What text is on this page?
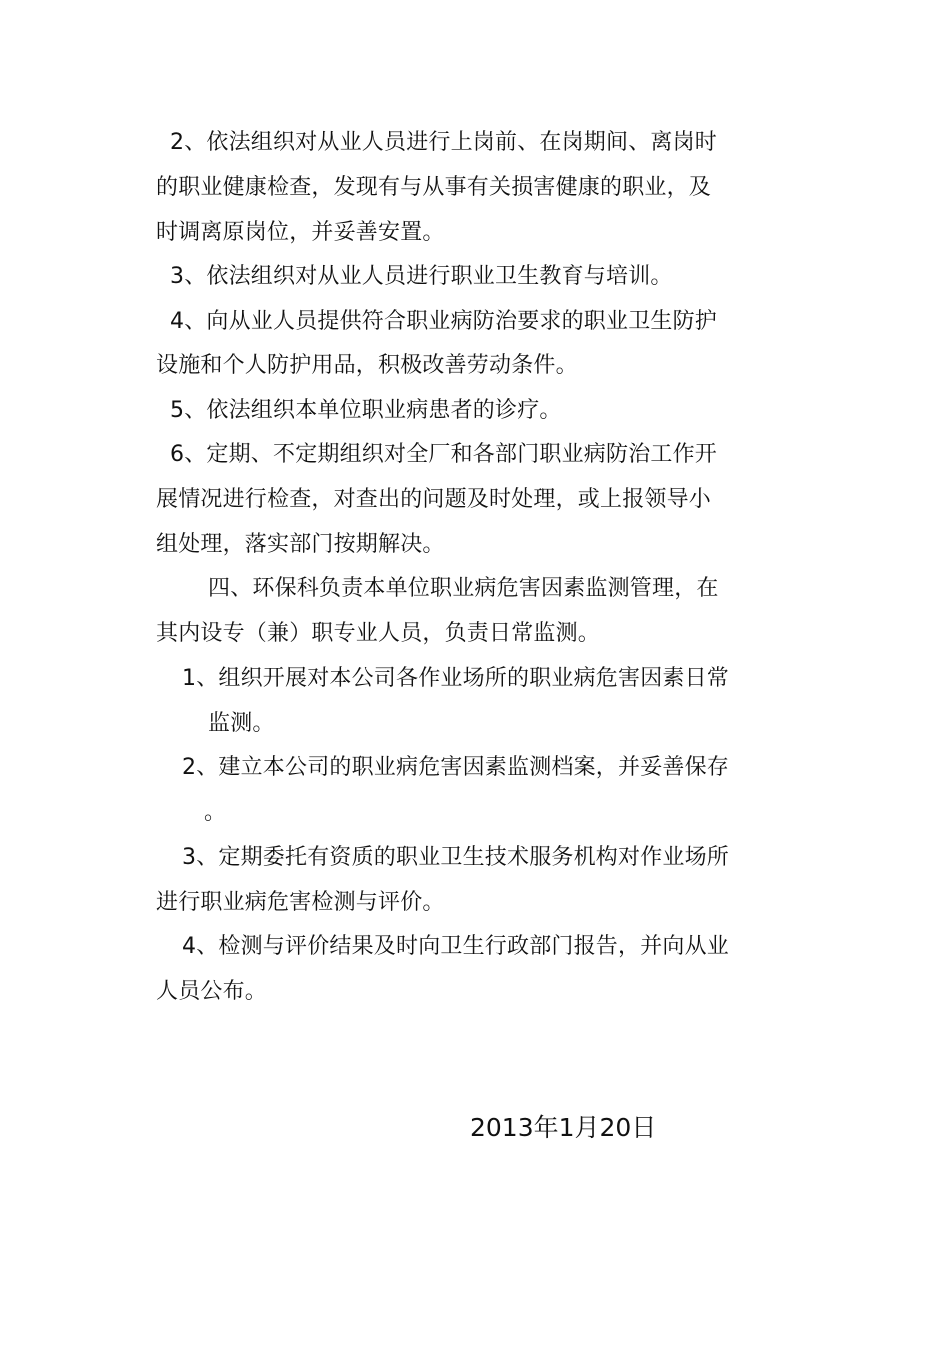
2、依法组织对从业人员进行上岗前、在岗期间、离岗时
的职业健康检查，发现有与从事有关损害健康的职业，及
时调离原岗位，并妥善安置。
3、依法组织对从业人员进行职业卫生教育与培训。
4、向从业人员提供符合职业病防治要求的职业卫生防护
设施和个人防护用品，积极改善劳动条件。
5、依法组织本单位职业病患者的诊疗。
6、定期、不定期组织对全厂和各部门职业病防治工作开
展情况进行检查，对查出的问题及时处理，或上报领导小
组处理，落实部门按期解决。
四、环保科负责本单位职业病危害因素监测管理，在
其内设专（兼）职专业人员，负责日常监测。
1、组织开展对本公司各作业场所的职业病危害因素日常
监测。
2、建立本公司的职业病危害因素监测档案，并妥善保存
。
3、定期委托有资质的职业卫生技术服务机构对作业场所
进行职业病危害检测与评价。
4、检测与评价结果及时向卫生行政部门报告，并向从业
人员公布。
2013年1月20日
